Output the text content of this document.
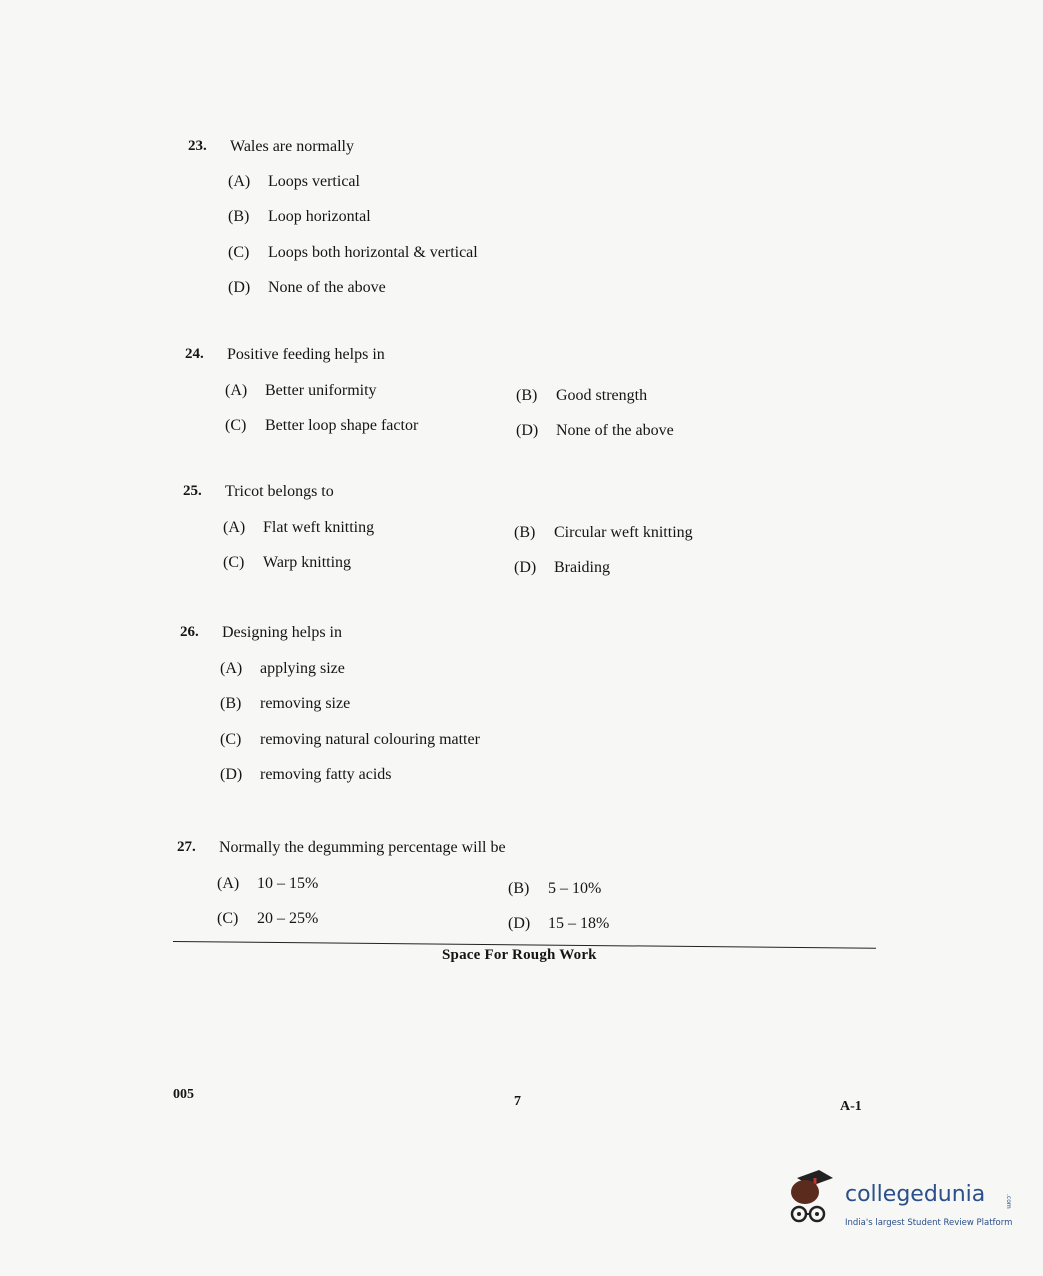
23. Wales are normally
(A) Loops vertical
(B) Loop horizontal
(C) Loops both horizontal & vertical
(D) None of the above
24. Positive feeding helps in
(A) Better uniformity	(B) Good strength
(C) Better loop shape factor	(D) None of the above
25. Tricot belongs to
(A) Flat weft knitting	(B) Circular weft knitting
(C) Warp knitting	(D) Braiding
26. Designing helps in
(A) applying size
(B) removing size
(C) removing natural colouring matter
(D) removing fatty acids
27. Normally the degumming percentage will be
(A) 10 – 15%	(B) 5 – 10%
(C) 20 – 25%	(D) 15 – 18%
Space For Rough Work
005	7	A-1
collegedunia	.com
India's largest Student Review Platform
